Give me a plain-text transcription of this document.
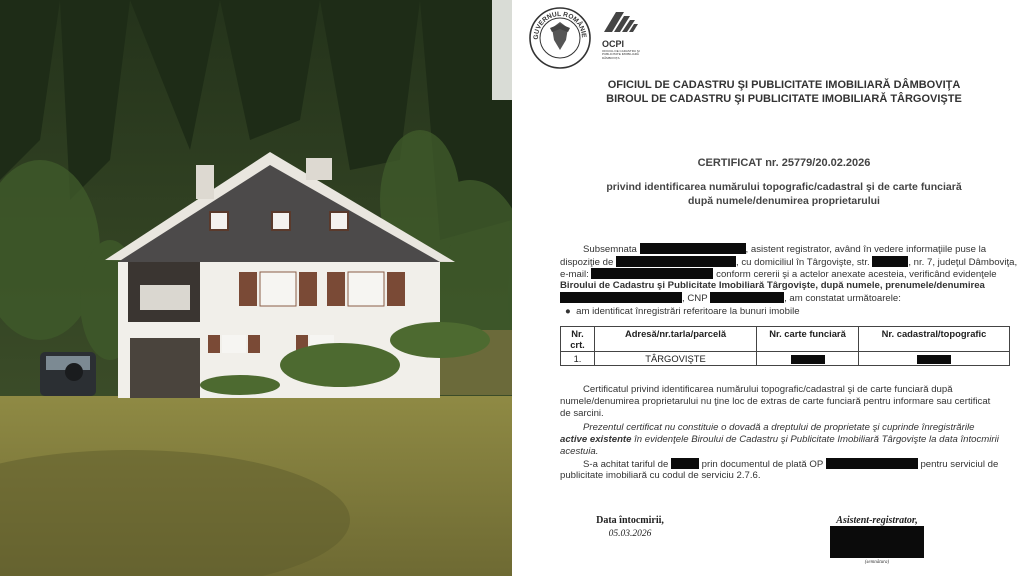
GUVERNUL ROMÂNIE
OCPI
OFICIUL DE CADASTRU ŞI PUBLICITATE IMOBILIARĂ DÂMBOVIŢA
OFICIUL DE CADASTRU ŞI PUBLICITATE IMOBILIARĂ DÂMBOVIŢA
BIROUL DE CADASTRU ŞI PUBLICITATE IMOBILIARĂ TÂRGOVIŞTE
CERTIFICAT nr. 25779/20.02.2026
privind identificarea numărului topografic/cadastral şi de carte funciară
după numele/denumirea proprietarului
Subsemnata	, asistent registrator, având în vedere informaţiile puse la
dispoziţie de	, cu domiciliul în Târgovişte, str.	, nr. 7, judeţul Dâmboviţa,
e-mail:	conform cererii şi a actelor anexate acesteia, verificând evidenţele
Biroului de Cadastru şi Publicitate Imobiliară Târgovişte, după numele, prenumele/denumirea
, CNP	, am constatat următoarele:
●  am identificat înregistrări referitoare la bunuri imobile
Nr. crt.	Adresă/nr.tarla/parcelă	Nr. carte funciară	Nr. cadastral/topografic
1.	TÂRGOVIŞTE		
Certificatul privind identificarea numărului topografic/cadastral şi de carte funciară după
numele/denumirea proprietarului nu ţine loc de extras de carte funciară pentru informare sau certificat
de sarcini.
Prezentul certificat nu constituie o dovadă a dreptului de proprietate şi cuprinde înregistrările
active existente în evidenţele Biroului de Cadastru şi Publicitate Imobiliară Târgovişte la data întocmirii
acestuia.
S-a achitat tariful de	prin documentul de plată OP	pentru serviciul de
publicitate imobiliară cu codul de serviciu 2.7.6.
Data întocmirii,
05.03.2026
Asistent-registrator,
(semnătura)
